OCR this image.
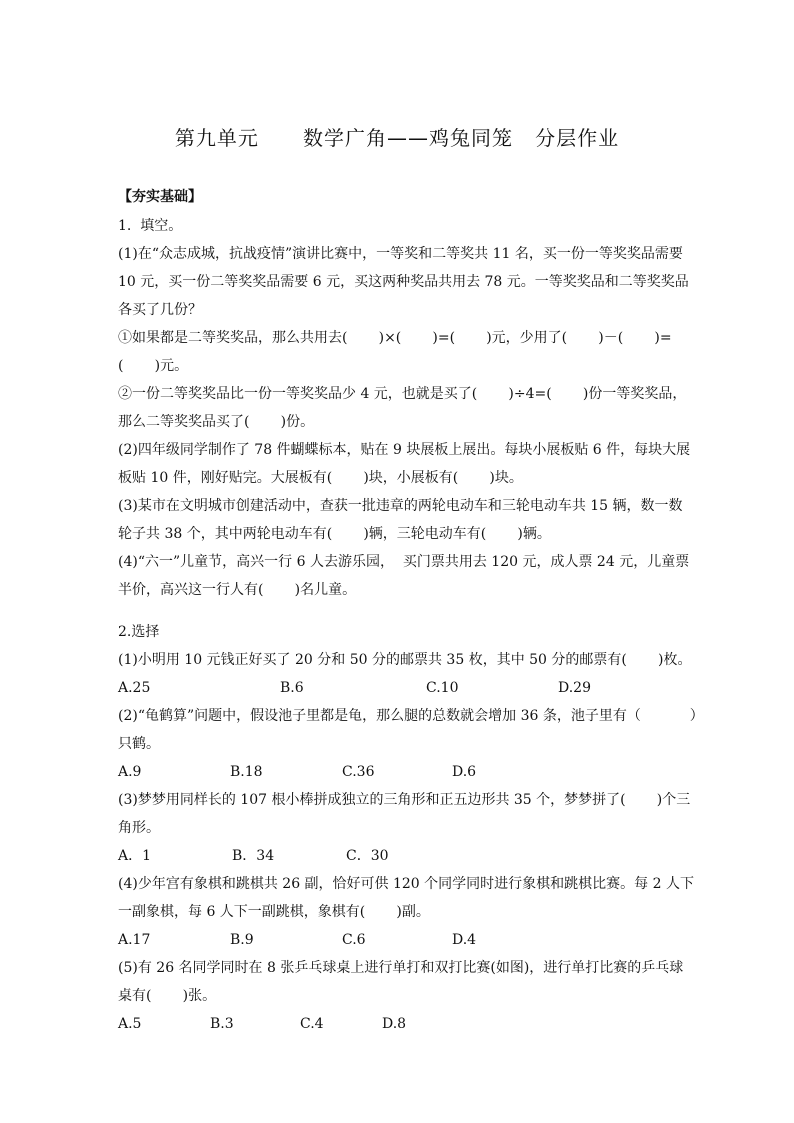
第九单元      数学广角——鸡兔同笼   分层作业
【夯实基础】
1.  填空。
(1)在“众志成城，抗战疫情”演讲比赛中，一等奖和二等奖共 11 名，买一份一等奖奖品需要
10 元，买一份二等奖奖品需要 6 元，买这两种奖品共用去 78 元。一等奖奖品和二等奖奖品
各买了几份？
①如果都是二等奖奖品，那么共用去(       )×(       )=(       )元，少用了(       )－(       )=
(       )元。
②一份二等奖奖品比一份一等奖奖品少 4 元，也就是买了(       )÷4=(       )份一等奖奖品，
那么二等奖奖品买了(       )份。
(2)四年级同学制作了 78 件蝴蝶标本，贴在 9 块展板上展出。每块小展板贴 6 件，每块大展
板贴 10 件，刚好贴完。大展板有(       )块，小展板有(       )块。
(3)某市在文明城市创建活动中，查获一批违章的两轮电动车和三轮电动车共 15 辆，数一数
轮子共 38 个，其中两轮电动车有(       )辆，三轮电动车有(       )辆。
(4)“六一”儿童节，高兴一行 6 人去游乐园，  买门票共用去 120 元，成人票 24 元，儿童票
半价，高兴这一行人有(       )名儿童。
2.选择
(1)小明用 10 元钱正好买了 20 分和 50 分的邮票共 35 枚，其中 50 分的邮票有(       )枚。
A.25	B.6	C.10	D.29
(2)“龟鹤算”问题中，假设池子里都是龟，那么腿的总数就会增加 36 条，池子里有（           ）
只鹤。
A.9	B.18	C.36	D.6
(3)梦梦用同样长的 107 根小棒拼成独立的三角形和正五边形共 35 个，梦梦拼了(       )个三
角形。
A．1	B．34	C．30
(4)少年宫有象棋和跳棋共 26 副，恰好可供 120 个同学同时进行象棋和跳棋比赛。每 2 人下
一副象棋，每 6 人下一副跳棋，象棋有(       )副。
A.17	B.9	C.6	D.4
(5)有 26 名同学同时在 8 张乒乓球桌上进行单打和双打比赛(如图)，进行单打比赛的乒乓球
桌有(       )张。
A.5	B.3	C.4	D.8
